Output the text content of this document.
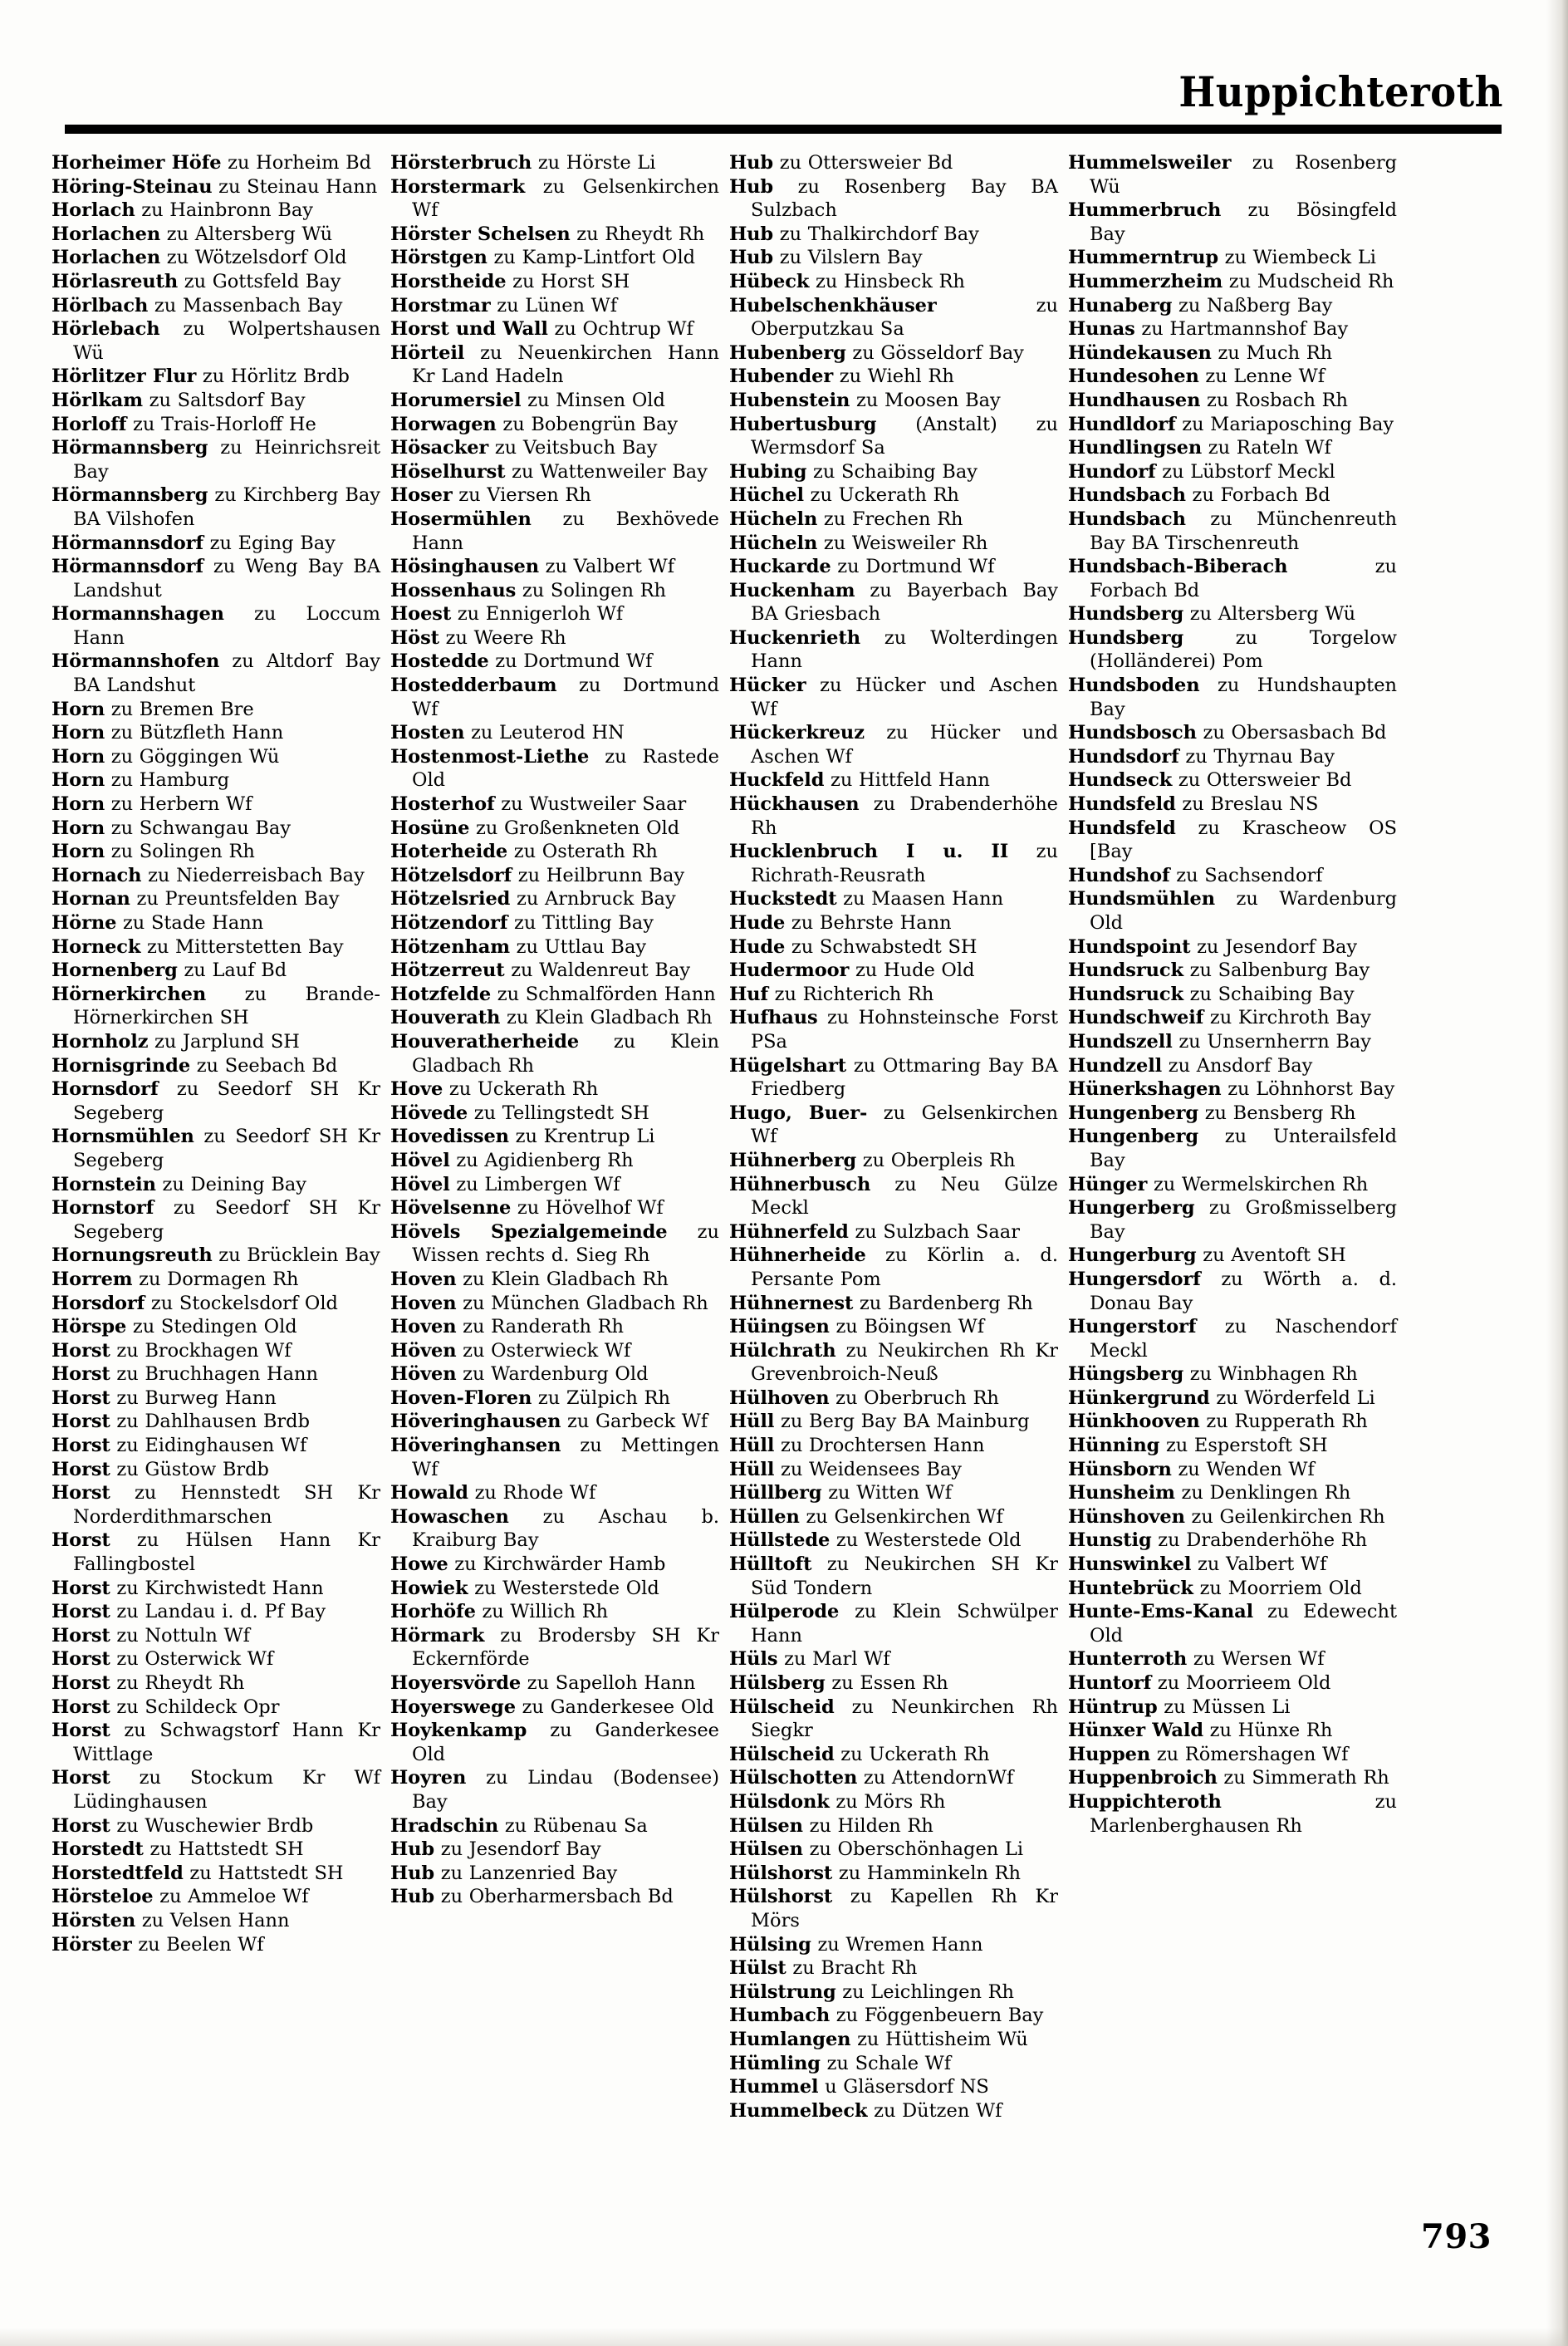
Huppichteroth

Horheimer Höfe zu Horheim Bd

Höring-Steinau zu Steinau Hann

Horlach zu Hainbronn Bay

Horlachen zu Altersberg Wü

Horlachen zu Wötzelsdorf Old

Hörlasreuth zu Gottsfeld Bay

Hörlbach zu Massenbach Bay

Hörlebach zu Wolpertshausen Wü

Hörlitzer Flur zu Hörlitz Brdb

Hörlkam zu Saltsdorf Bay

Horloff zu Trais-Horloff He

Hörmannsberg zu Heinrichsreit Bay

Hörmannsberg zu Kirchberg Bay BA Vilshofen

Hörmannsdorf zu Eging Bay

Hörmannsdorf zu Weng Bay BA Landshut

Hormannshagen zu Loccum Hann

Hörmannshofen zu Altdorf Bay BA Landshut

Horn zu Bremen Bre

Horn zu Bützfleth Hann

Horn zu Göggingen Wü

Horn zu Hamburg

Horn zu Herbern Wf

Horn zu Schwangau Bay

Horn zu Solingen Rh

Hornach zu Niederreisbach Bay

Hornan zu Preuntsfelden Bay

Hörne zu Stade Hann

Horneck zu Mitterstetten Bay

Hornenberg zu Lauf Bd

Hörnerkirchen zu Brande-Hörnerkirchen SH

Hornholz zu Jarplund SH

Hornisgrinde zu Seebach Bd

Hornsdorf zu Seedorf SH Kr Segeberg

Hornsmühlen zu Seedorf SH Kr Segeberg

Hornstein zu Deining Bay

Hornstorf zu Seedorf SH Kr Segeberg

Hornungsreuth zu Brücklein Bay

Horrem zu Dormagen Rh

Horsdorf zu Stockelsdorf Old

Hörspe zu Stedingen Old

Horst zu Brockhagen Wf

Horst zu Bruchhagen Hann

Horst zu Burweg Hann

Horst zu Dahlhausen Brdb

Horst zu Eidinghausen Wf

Horst zu Güstow Brdb

Horst zu Hennstedt SH Kr Norderdithmarschen

Horst zu Hülsen Hann Kr Fallingbostel

Horst zu Kirchwistedt Hann

Horst zu Landau i. d. Pf Bay

Horst zu Nottuln Wf

Horst zu Osterwick Wf

Horst zu Rheydt Rh

Horst zu Schildeck Opr

Horst zu Schwagstorf Hann Kr Wittlage

Horst zu Stockum Kr Wf Lüdinghausen

Horst zu Wuschewier Brdb

Horstedt zu Hattstedt SH

Horstedtfeld zu Hattstedt SH

Hörsteloe zu Ammeloe Wf

Hörsten zu Velsen Hann

Hörster zu Beelen Wf

Hörsterbruch zu Hörste Li

Horstermark zu Gelsenkirchen Wf

Hörster Schelsen zu Rheydt Rh

Hörstgen zu Kamp-Lintfort Old

Horstheide zu Horst SH

Horstmar zu Lünen Wf

Horst und Wall zu Ochtrup Wf

Hörteil zu Neuenkirchen Hann Kr Land Hadeln

Horumersiel zu Minsen Old

Horwagen zu Bobengrün Bay

Hösacker zu Veitsbuch Bay

Höselhurst zu Wattenweiler Bay

Hoser zu Viersen Rh

Hosermühlen zu Bexhövede Hann

Hösinghausen zu Valbert Wf

Hossenhaus zu Solingen Rh

Hoest zu Ennigerloh Wf

Höst zu Weere Rh

Hostedde zu Dortmund Wf

Hostedderbaum zu Dortmund Wf

Hosten zu Leuterod HN

Hostenmost-Liethe zu Rastede Old

Hosterhof zu Wustweiler Saar

Hosüne zu Großenkneten Old

Hoterheide zu Osterath Rh

Hötzelsdorf zu Heilbrunn Bay

Hötzelsried zu Arnbruck Bay

Hötzendorf zu Tittling Bay

Hötzenham zu Uttlau Bay

Hötzerreut zu Waldenreut Bay

Hotzfelde zu Schmalförden Hann

Houverath zu Klein Gladbach Rh

Houveratherheide zu Klein Gladbach Rh

Hove zu Uckerath Rh

Hövede zu Tellingstedt SH

Hovedissen zu Krentrup Li

Hövel zu Agidienberg Rh

Hövel zu Limbergen Wf

Hövelsenne zu Hövelhof Wf

Hövels Spezialgemeinde zu Wissen rechts d. Sieg Rh

Hoven zu Klein Gladbach Rh

Hoven zu München Gladbach Rh

Hoven zu Randerath Rh

Höven zu Osterwieck Wf

Höven zu Wardenburg Old

Hoven-Floren zu Zülpich Rh

Höveringhausen zu Garbeck Wf

Höveringhansen zu Mettingen Wf

Howald zu Rhode Wf

Howaschen zu Aschau b. Kraiburg Bay

Howe zu Kirchwärder Hamb

Howiek zu Westerstede Old

Horhöfe zu Willich Rh

Hörmark zu Brodersby SH Kr Eckernförde

Hoyersvörde zu Sapelloh Hann

Hoyerswege zu Ganderkesee Old

Hoykenkamp zu Ganderkesee Old

Hoyren zu Lindau (Bodensee) Bay

Hradschin zu Rübenau Sa

Hub zu Jesendorf Bay

Hub zu Lanzenried Bay

Hub zu Oberharmersbach Bd

Hub zu Ottersweier Bd

Hub zu Rosenberg Bay BA Sulzbach

Hub zu Thalkirchdorf Bay

Hub zu Vilslern Bay

Hübeck zu Hinsbeck Rh

Hubelschenkhäuser	zu Oberputzkau Sa

Hubenberg zu Gösseldorf Bay

Hubender zu Wiehl Rh

Hubenstein zu Moosen Bay

Hubertusburg (Anstalt) zu Wermsdorf Sa

Hubing zu Schaibing Bay

Hüchel zu Uckerath Rh

Hücheln zu Frechen Rh

Hücheln zu Weisweiler Rh

Huckarde zu Dortmund Wf

Huckenham zu Bayerbach Bay BA Griesbach

Huckenrieth zu Wolterdingen Hann

Hücker zu Hücker und Aschen Wf

Hückerkreuz zu Hücker und Aschen Wf

Huckfeld zu Hittfeld Hann

Hückhausen zu Drabenderhöhe Rh

Hucklenbruch I u. II zu Richrath-Reusrath

Huckstedt zu Maasen Hann

Hude zu Behrste Hann

Hude zu Schwabstedt SH

Hudermoor zu Hude Old

Huf zu Richterich Rh

Hufhaus zu Hohnsteinsche Forst PSa

Hügelshart zu Ottmaring Bay BA Friedberg

Hugo, Buer- zu Gelsenkirchen Wf

Hühnerberg zu Oberpleis Rh

Hühnerbusch zu Neu Gülze Meckl

Hühnerfeld zu Sulzbach Saar

Hühnerheide zu Körlin a. d. Persante Pom

Hühnernest zu Bardenberg Rh

Hüingsen zu Böingsen Wf

Hülchrath zu Neukirchen Rh Kr Grevenbroich-Neuß

Hülhoven zu Oberbruch Rh

Hüll zu Berg Bay BA Mainburg

Hüll zu Drochtersen Hann

Hüll zu Weidensees Bay

Hüllberg zu Witten Wf

Hüllen zu Gelsenkirchen Wf

Hüllstede zu Westerstede Old

Hülltoft zu Neukirchen SH Kr Süd Tondern

Hülperode zu Klein Schwülper Hann

Hüls zu Marl Wf

Hülsberg zu Essen Rh

Hülscheid zu Neunkirchen Rh Siegkr

Hülscheid zu Uckerath Rh

Hülschotten zu AttendornWf

Hülsdonk zu Mörs Rh

Hülsen zu Hilden Rh

Hülsen zu Oberschönhagen Li

Hülshorst zu Hamminkeln Rh

Hülshorst zu Kapellen Rh Kr Mörs

Hülsing zu Wremen Hann

Hülst zu Bracht Rh

Hülstrung zu Leichlingen Rh

Humbach zu Föggenbeuern Bay

Humlangen zu Hüttisheim Wü

Hümling zu Schale Wf

Hummel u Gläsersdorf NS

Hummelbeck zu Dützen Wf

Hummelsweiler zu Rosenberg Wü

Hummerbruch zu Bösingfeld Bay

Hummerntrup zu Wiembeck Li

Hummerzheim zu Mudscheid Rh

Hunaberg zu Naßberg Bay

Hunas zu Hartmannshof Bay

Hündekausen zu Much Rh

Hundesohen zu Lenne Wf

Hundhausen zu Rosbach Rh

Hundldorf zu Mariaposching Bay

Hundlingsen zu Rateln Wf

Hundorf zu Lübstorf Meckl

Hundsbach zu Forbach Bd

Hundsbach zu Münchenreuth Bay BA Tirschenreuth

Hundsbach-Biberach	zu Forbach Bd

Hundsberg zu Altersberg Wü

Hundsberg	zu Torgelow (Holländerei) Pom

Hundsboden zu Hundshaupten Bay

Hundsbosch zu Obersasbach Bd

Hundsdorf zu Thyrnau Bay

Hundseck zu Ottersweier Bd

Hundsfeld zu Breslau NS

Hundsfeld zu Krascheow OS [Bay

Hundshof zu Sachsendorf

Hundsmühlen zu Wardenburg Old

Hundspoint zu Jesendorf Bay

Hundsruck zu Salbenburg Bay

Hundsruck zu Schaibing Bay

Hundschweif zu Kirchroth Bay

Hundszell zu Unsernherrn Bay

Hundzell zu Ansdorf Bay

Hünerkshagen zu Löhnhorst Bay

Hungenberg zu Bensberg Rh

Hungenberg zu Unterailsfeld Bay

Hünger zu Wermelskirchen Rh

Hungerberg zu Großmisselberg Bay

Hungerburg zu Aventoft SH

Hungersdorf zu Wörth a. d. Donau Bay

Hungerstorf zu Naschendorf Meckl

Hüngsberg zu Winbhagen Rh

Hünkergrund zu Wörderfeld Li

Hünkhooven zu Rupperath Rh

Hünning zu Esperstoft SH

Hünsborn zu Wenden Wf

Hunsheim zu Denklingen Rh

Hünshoven zu Geilenkirchen Rh

Hunstig zu Drabenderhöhe Rh

Hunswinkel zu Valbert Wf

Huntebrück zu Moorriem Old

Hunte-Ems-Kanal zu Edewecht Old

Hunterroth zu Wersen Wf

Huntorf zu Moorrieem Old

Hüntrup zu Müssen Li

Hünxer Wald zu Hünxe Rh

Huppen zu Römershagen Wf

Huppenbroich zu Simmerath Rh

Huppichteroth	zu Marlenberghausen Rh

793
